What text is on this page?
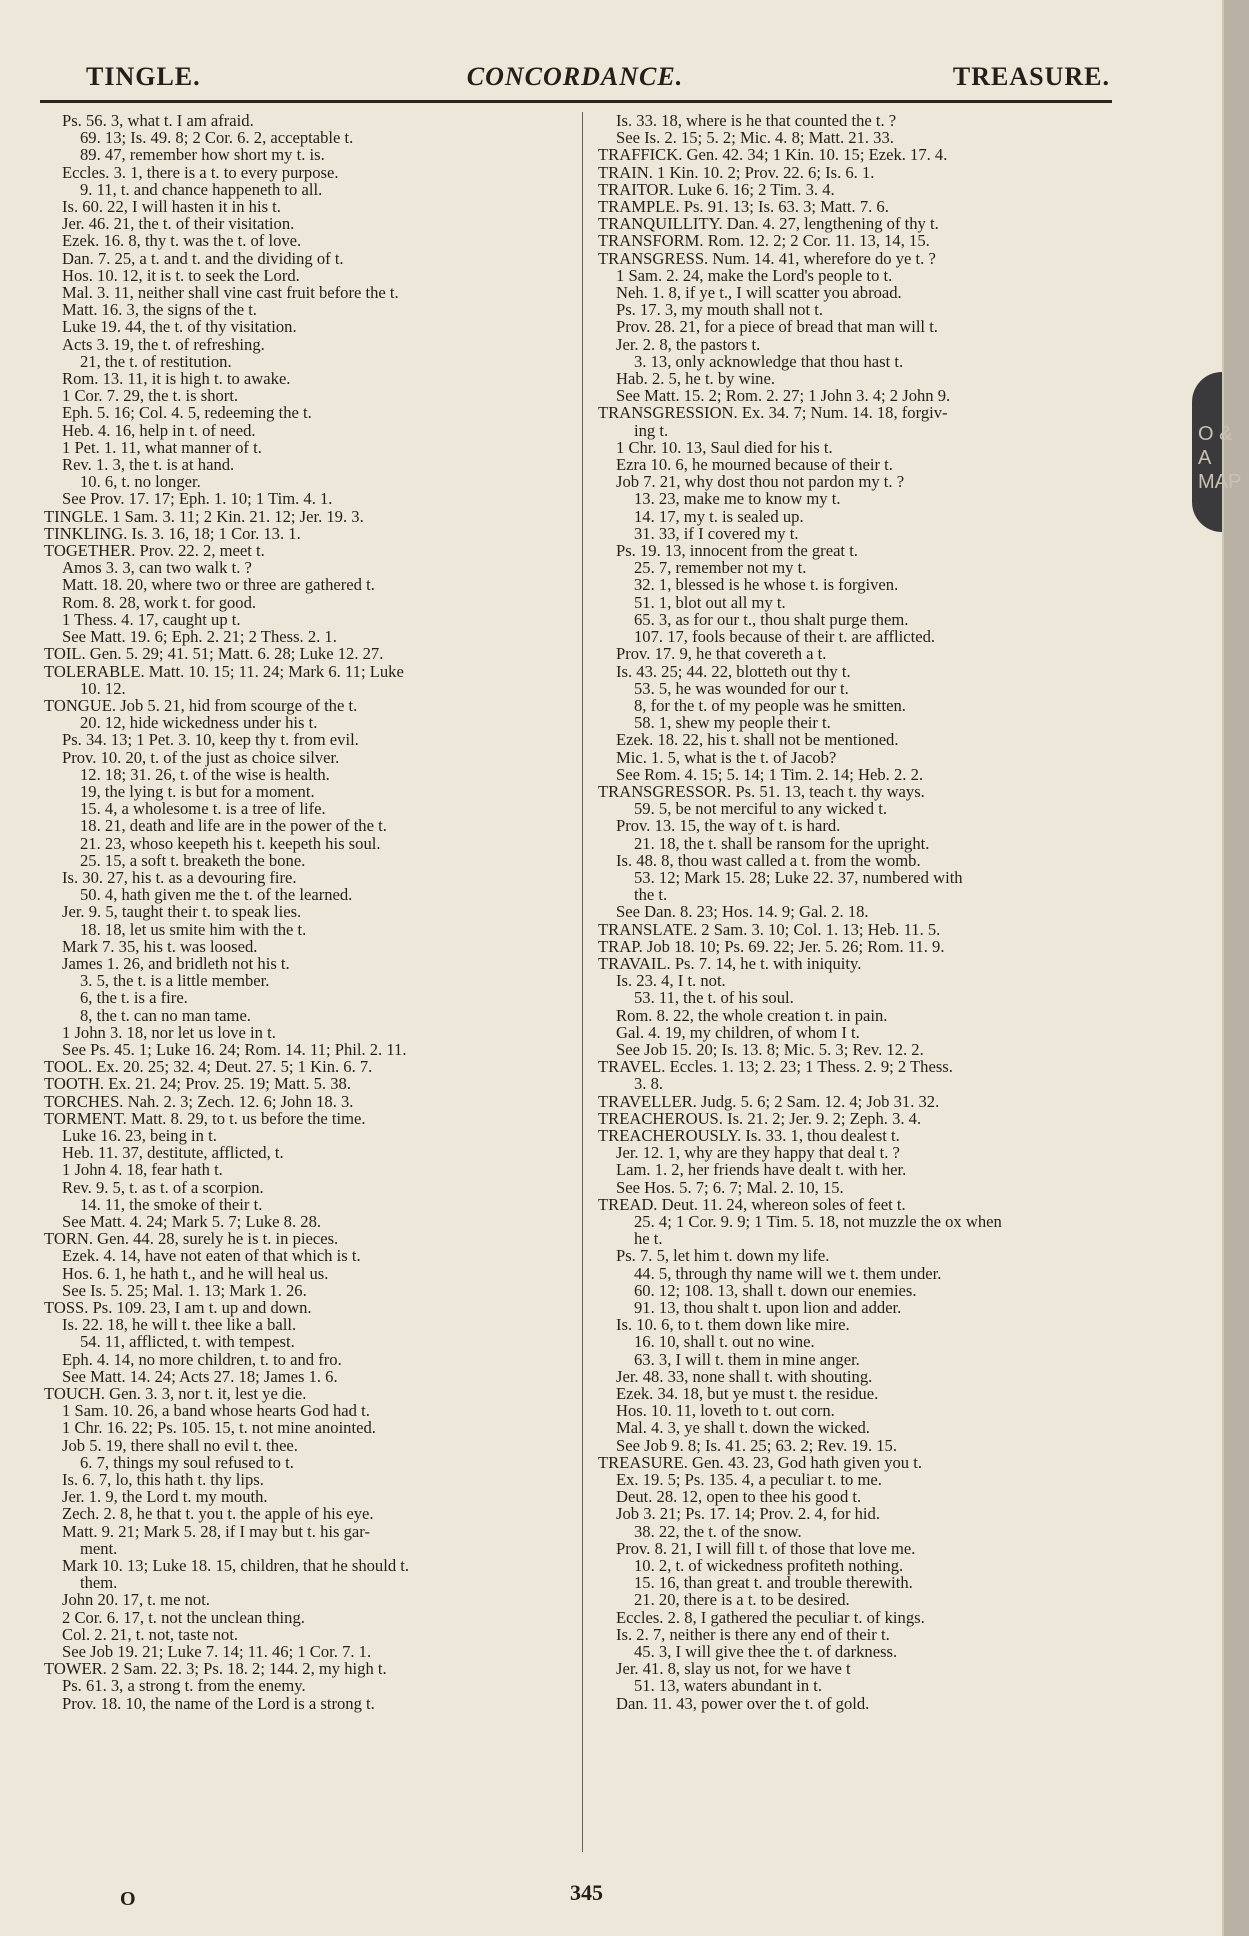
O & A MAP
TINGLE.	CONCORDANCE.	TREASURE.
Ps. 56. 3, what t. I am afraid.
69. 13; Is. 49. 8; 2 Cor. 6. 2, acceptable t.
89. 47, remember how short my t. is.
Eccles. 3. 1, there is a t. to every purpose.
9. 11, t. and chance happeneth to all.
Is. 60. 22, I will hasten it in his t.
Jer. 46. 21, the t. of their visitation.
Ezek. 16. 8, thy t. was the t. of love.
Dan. 7. 25, a t. and t. and the dividing of t.
Hos. 10. 12, it is t. to seek the Lord.
Mal. 3. 11, neither shall vine cast fruit before the t.
Matt. 16. 3, the signs of the t.
Luke 19. 44, the t. of thy visitation.
Acts 3. 19, the t. of refreshing.
21, the t. of restitution.
Rom. 13. 11, it is high t. to awake.
1 Cor. 7. 29, the t. is short.
Eph. 5. 16; Col. 4. 5, redeeming the t.
Heb. 4. 16, help in t. of need.
1 Pet. 1. 11, what manner of t.
Rev. 1. 3, the t. is at hand.
10. 6, t. no longer.
See Prov. 17. 17; Eph. 1. 10; 1 Tim. 4. 1.
TINGLE. 1 Sam. 3. 11; 2 Kin. 21. 12; Jer. 19. 3.
TINKLING. Is. 3. 16, 18; 1 Cor. 13. 1.
TOGETHER. Prov. 22. 2, meet t.
Amos 3. 3, can two walk t. ?
Matt. 18. 20, where two or three are gathered t.
Rom. 8. 28, work t. for good.
1 Thess. 4. 17, caught up t.
See Matt. 19. 6; Eph. 2. 21; 2 Thess. 2. 1.
TOIL. Gen. 5. 29; 41. 51; Matt. 6. 28; Luke 12. 27.
TOLERABLE. Matt. 10. 15; 11. 24; Mark 6. 11; Luke
10. 12.
TONGUE. Job 5. 21, hid from scourge of the t.
20. 12, hide wickedness under his t.
Ps. 34. 13; 1 Pet. 3. 10, keep thy t. from evil.
Prov. 10. 20, t. of the just as choice silver.
12. 18; 31. 26, t. of the wise is health.
19, the lying t. is but for a moment.
15. 4, a wholesome t. is a tree of life.
18. 21, death and life are in the power of the t.
21. 23, whoso keepeth his t. keepeth his soul.
25. 15, a soft t. breaketh the bone.
Is. 30. 27, his t. as a devouring fire.
50. 4, hath given me the t. of the learned.
Jer. 9. 5, taught their t. to speak lies.
18. 18, let us smite him with the t.
Mark 7. 35, his t. was loosed.
James 1. 26, and bridleth not his t.
3. 5, the t. is a little member.
6, the t. is a fire.
8, the t. can no man tame.
1 John 3. 18, nor let us love in t.
See Ps. 45. 1; Luke 16. 24; Rom. 14. 11; Phil. 2. 11.
TOOL. Ex. 20. 25; 32. 4; Deut. 27. 5; 1 Kin. 6. 7.
TOOTH. Ex. 21. 24; Prov. 25. 19; Matt. 5. 38.
TORCHES. Nah. 2. 3; Zech. 12. 6; John 18. 3.
TORMENT. Matt. 8. 29, to t. us before the time.
Luke 16. 23, being in t.
Heb. 11. 37, destitute, afflicted, t.
1 John 4. 18, fear hath t.
Rev. 9. 5, t. as t. of a scorpion.
14. 11, the smoke of their t.
See Matt. 4. 24; Mark 5. 7; Luke 8. 28.
TORN. Gen. 44. 28, surely he is t. in pieces.
Ezek. 4. 14, have not eaten of that which is t.
Hos. 6. 1, he hath t., and he will heal us.
See Is. 5. 25; Mal. 1. 13; Mark 1. 26.
TOSS. Ps. 109. 23, I am t. up and down.
Is. 22. 18, he will t. thee like a ball.
54. 11, afflicted, t. with tempest.
Eph. 4. 14, no more children, t. to and fro.
See Matt. 14. 24; Acts 27. 18; James 1. 6.
TOUCH. Gen. 3. 3, nor t. it, lest ye die.
1 Sam. 10. 26, a band whose hearts God had t.
1 Chr. 16. 22; Ps. 105. 15, t. not mine anointed.
Job 5. 19, there shall no evil t. thee.
6. 7, things my soul refused to t.
Is. 6. 7, lo, this hath t. thy lips.
Jer. 1. 9, the Lord t. my mouth.
Zech. 2. 8, he that t. you t. the apple of his eye.
Matt. 9. 21; Mark 5. 28, if I may but t. his gar-
ment.
Mark 10. 13; Luke 18. 15, children, that he should t.
them.
John 20. 17, t. me not.
2 Cor. 6. 17, t. not the unclean thing.
Col. 2. 21, t. not, taste not.
See Job 19. 21; Luke 7. 14; 11. 46; 1 Cor. 7. 1.
TOWER. 2 Sam. 22. 3; Ps. 18. 2; 144. 2, my high t.
Ps. 61. 3, a strong t. from the enemy.
Prov. 18. 10, the name of the Lord is a strong t.
Is. 33. 18, where is he that counted the t. ?
See Is. 2. 15; 5. 2; Mic. 4. 8; Matt. 21. 33.
TRAFFICK. Gen. 42. 34; 1 Kin. 10. 15; Ezek. 17. 4.
TRAIN. 1 Kin. 10. 2; Prov. 22. 6; Is. 6. 1.
TRAITOR. Luke 6. 16; 2 Tim. 3. 4.
TRAMPLE. Ps. 91. 13; Is. 63. 3; Matt. 7. 6.
TRANQUILLITY. Dan. 4. 27, lengthening of thy t.
TRANSFORM. Rom. 12. 2; 2 Cor. 11. 13, 14, 15.
TRANSGRESS. Num. 14. 41, wherefore do ye t. ?
1 Sam. 2. 24, make the Lord's people to t.
Neh. 1. 8, if ye t., I will scatter you abroad.
Ps. 17. 3, my mouth shall not t.
Prov. 28. 21, for a piece of bread that man will t.
Jer. 2. 8, the pastors t.
3. 13, only acknowledge that thou hast t.
Hab. 2. 5, he t. by wine.
See Matt. 15. 2; Rom. 2. 27; 1 John 3. 4; 2 John 9.
TRANSGRESSION. Ex. 34. 7; Num. 14. 18, forgiv-
ing t.
1 Chr. 10. 13, Saul died for his t.
Ezra 10. 6, he mourned because of their t.
Job 7. 21, why dost thou not pardon my t. ?
13. 23, make me to know my t.
14. 17, my t. is sealed up.
31. 33, if I covered my t.
Ps. 19. 13, innocent from the great t.
25. 7, remember not my t.
32. 1, blessed is he whose t. is forgiven.
51. 1, blot out all my t.
65. 3, as for our t., thou shalt purge them.
107. 17, fools because of their t. are afflicted.
Prov. 17. 9, he that covereth a t.
Is. 43. 25; 44. 22, blotteth out thy t.
53. 5, he was wounded for our t.
8, for the t. of my people was he smitten.
58. 1, shew my people their t.
Ezek. 18. 22, his t. shall not be mentioned.
Mic. 1. 5, what is the t. of Jacob?
See Rom. 4. 15; 5. 14; 1 Tim. 2. 14; Heb. 2. 2.
TRANSGRESSOR. Ps. 51. 13, teach t. thy ways.
59. 5, be not merciful to any wicked t.
Prov. 13. 15, the way of t. is hard.
21. 18, the t. shall be ransom for the upright.
Is. 48. 8, thou wast called a t. from the womb.
53. 12; Mark 15. 28; Luke 22. 37, numbered with
the t.
See Dan. 8. 23; Hos. 14. 9; Gal. 2. 18.
TRANSLATE. 2 Sam. 3. 10; Col. 1. 13; Heb. 11. 5.
TRAP. Job 18. 10; Ps. 69. 22; Jer. 5. 26; Rom. 11. 9.
TRAVAIL. Ps. 7. 14, he t. with iniquity.
Is. 23. 4, I t. not.
53. 11, the t. of his soul.
Rom. 8. 22, the whole creation t. in pain.
Gal. 4. 19, my children, of whom I t.
See Job 15. 20; Is. 13. 8; Mic. 5. 3; Rev. 12. 2.
TRAVEL. Eccles. 1. 13; 2. 23; 1 Thess. 2. 9; 2 Thess.
3. 8.
TRAVELLER. Judg. 5. 6; 2 Sam. 12. 4; Job 31. 32.
TREACHEROUS. Is. 21. 2; Jer. 9. 2; Zeph. 3. 4.
TREACHEROUSLY. Is. 33. 1, thou dealest t.
Jer. 12. 1, why are they happy that deal t. ?
Lam. 1. 2, her friends have dealt t. with her.
See Hos. 5. 7; 6. 7; Mal. 2. 10, 15.
TREAD. Deut. 11. 24, whereon soles of feet t.
25. 4; 1 Cor. 9. 9; 1 Tim. 5. 18, not muzzle the ox when
he t.
Ps. 7. 5, let him t. down my life.
44. 5, through thy name will we t. them under.
60. 12; 108. 13, shall t. down our enemies.
91. 13, thou shalt t. upon lion and adder.
Is. 10. 6, to t. them down like mire.
16. 10, shall t. out no wine.
63. 3, I will t. them in mine anger.
Jer. 48. 33, none shall t. with shouting.
Ezek. 34. 18, but ye must t. the residue.
Hos. 10. 11, loveth to t. out corn.
Mal. 4. 3, ye shall t. down the wicked.
See Job 9. 8; Is. 41. 25; 63. 2; Rev. 19. 15.
TREASURE. Gen. 43. 23, God hath given you t.
Ex. 19. 5; Ps. 135. 4, a peculiar t. to me.
Deut. 28. 12, open to thee his good t.
Job 3. 21; Ps. 17. 14; Prov. 2. 4, for hid.
38. 22, the t. of the snow.
Prov. 8. 21, I will fill t. of those that love me.
10. 2, t. of wickedness profiteth nothing.
15. 16, than great t. and trouble therewith.
21. 20, there is a t. to be desired.
Eccles. 2. 8, I gathered the peculiar t. of kings.
Is. 2. 7, neither is there any end of their t.
45. 3, I will give thee the t. of darkness.
Jer. 41. 8, slay us not, for we have t
51. 13, waters abundant in t.
Dan. 11. 43, power over the t. of gold.
O	345
